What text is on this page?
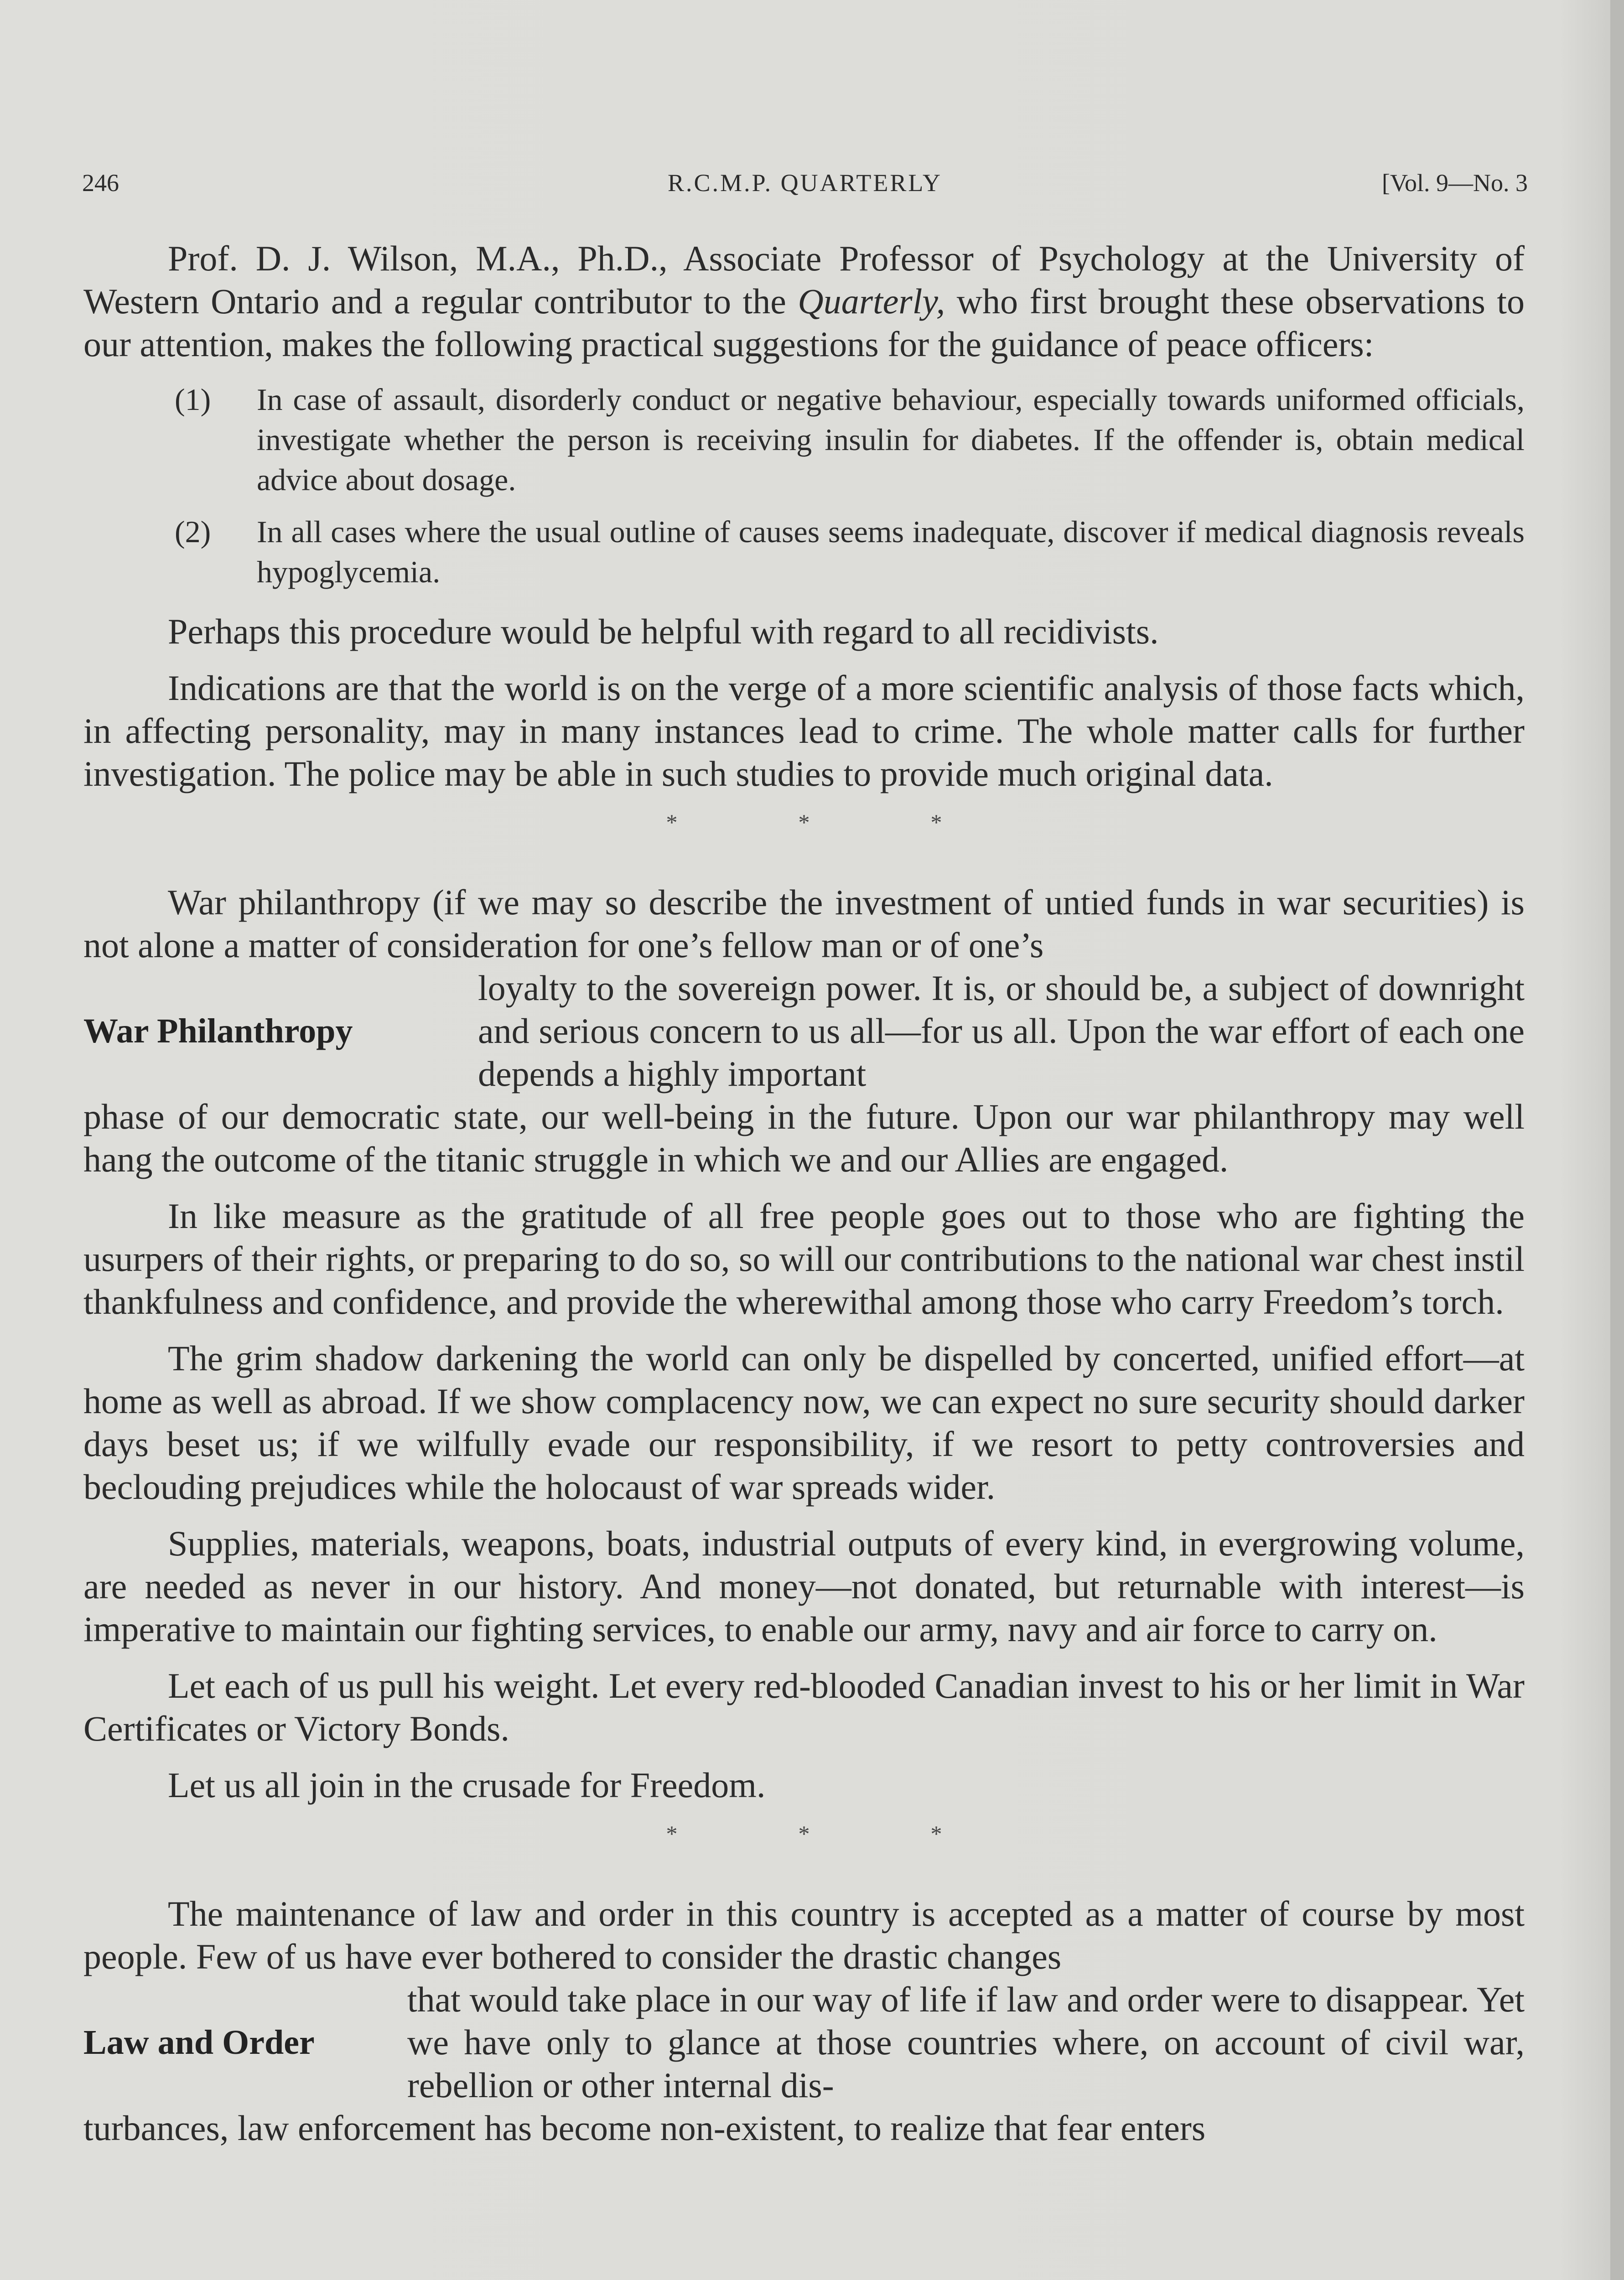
246	R.C.M.P. QUARTERLY	[Vol. 9—No. 3

Prof. D. J. Wilson, M.A., Ph.D., Associate Professor of Psychology at the University of Western Ontario and a regular contributor to the Quarterly, who first brought these observations to our attention, makes the following practical suggestions for the guidance of peace officers:

(1) In case of assault, disorderly conduct or negative behaviour, especially towards uniformed officials, investigate whether the person is receiving insulin for diabetes. If the offender is, obtain medical advice about dosage.
(2) In all cases where the usual outline of causes seems inadequate, discover if medical diagnosis reveals hypoglycemia.

Perhaps this procedure would be helpful with regard to all recidivists.

Indications are that the world is on the verge of a more scientific analysis of those facts which, in affecting personality, may in many instances lead to crime. The whole matter calls for further investigation. The police may be able in such studies to provide much original data.

*	*	*

War philanthropy (if we may so describe the investment of untied funds in war securities) is not alone a matter of consideration for one’s fellow man or of one’s

War Philanthropy

loyalty to the sovereign power. It is, or should be, a subject of downright and serious concern to us all—for us all. Upon the war effort of each one depends a highly important

phase of our democratic state, our well-being in the future. Upon our war philanthropy may well hang the outcome of the titanic struggle in which we and our Allies are engaged.

In like measure as the gratitude of all free people goes out to those who are fighting the usurpers of their rights, or preparing to do so, so will our contributions to the national war chest instil thankfulness and confidence, and provide the wherewithal among those who carry Freedom’s torch.

The grim shadow darkening the world can only be dispelled by concerted, unified effort—at home as well as abroad. If we show complacency now, we can expect no sure security should darker days beset us; if we wilfully evade our responsibility, if we resort to petty controversies and beclouding prejudices while the holocaust of war spreads wider.

Supplies, materials, weapons, boats, industrial outputs of every kind, in evergrowing volume, are needed as never in our history. And money—not donated, but returnable with interest—is imperative to maintain our fighting services, to enable our army, navy and air force to carry on.

Let each of us pull his weight. Let every red-blooded Canadian invest to his or her limit in War Certificates or Victory Bonds.

Let us all join in the crusade for Freedom.

*	*	*

The maintenance of law and order in this country is accepted as a matter of course by most people. Few of us have ever bothered to consider the drastic changes

Law and Order

that would take place in our way of life if law and order were to disappear. Yet we have only to glance at those countries where, on account of civil war, rebellion or other internal dis-

turbances, law enforcement has become non-existent, to realize that fear enters
